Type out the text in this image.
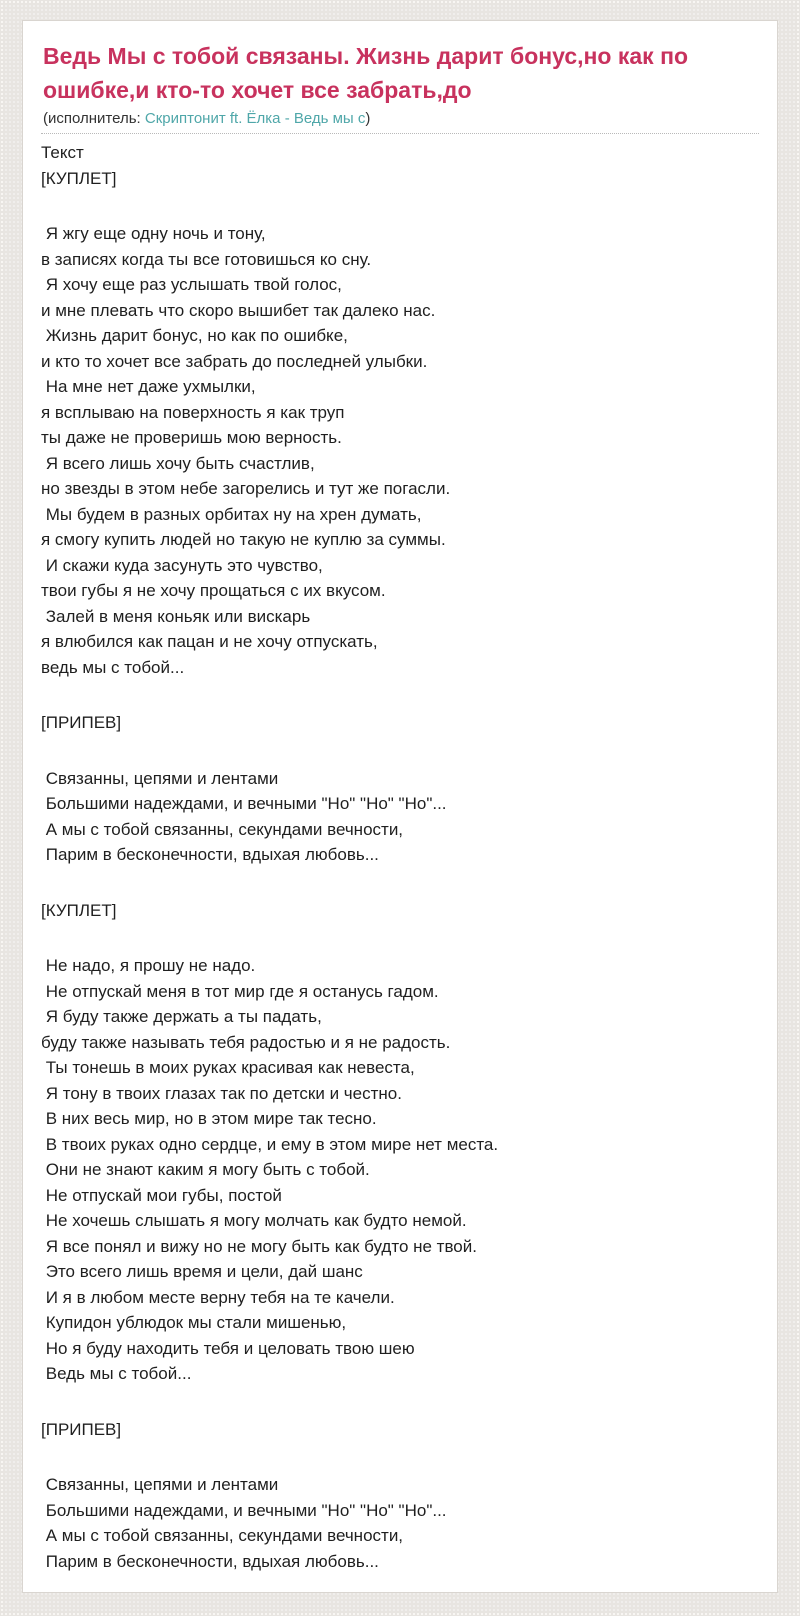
Ведь Мы с тобой связаны. Жизнь дарит бонус,но как по ошибке,и кто-то хочет все забрать,до
(исполнитель: Скриптонит ft. Ёлка - Ведь мы с)
Текст
[КУПЛЕТ]
Я жгу еще одну ночь и тону,
в записях когда ты все готовишься ко сну.
Я хочу еще раз услышать твой голос,
и мне плевать что скоро вышибет так далеко нас.
Жизнь дарит бонус, но как по ошибке,
и кто то хочет все забрать до последней улыбки.
На мне нет даже ухмылки,
я всплываю на поверхность я как труп
ты даже не проверишь мою верность.
Я всего лишь хочу быть счастлив,
но звезды в этом небе загорелись и тут же погасли.
Мы будем в разных орбитах ну на хрен думать,
я смогу купить людей но такую не куплю за суммы.
И скажи куда засунуть это чувство,
твои губы я не хочу прощаться с их вкусом.
Залей в меня коньяк или вискарь
я влюбился как пацан и не хочу отпускать,
ведь мы с тобой...
[ПРИПЕВ]
Связанны, цепями и лентами
Большими надеждами, и вечными "Но" "Но" "Но"...
А мы с тобой связанны, секундами вечности,
Парим в бесконечности, вдыхая любовь...
[КУПЛЕТ]
Не надо, я прошу не надо.
Не отпускай меня в тот мир где я останусь гадом.
Я буду также держать а ты падать,
буду также называть тебя радостью и я не радость.
Ты тонешь в моих руках красивая как невеста,
Я тону в твоих глазах так по детски и честно.
В них весь мир, но в этом мире так тесно.
В твоих руках одно сердце, и ему в этом мире нет места.
Они не знают каким я могу быть с тобой.
Не отпускай мои губы, постой
Не хочешь слышать я могу молчать как будто немой.
Я все понял и вижу но не могу быть как будто не твой.
Это всего лишь время и цели, дай шанс
И я в любом месте верну тебя на те качели.
Купидон ублюдок мы стали мишенью,
Но я буду находить тебя и целовать твою шею
Ведь мы с тобой...
[ПРИПЕВ]
Связанны, цепями и лентами
Большими надеждами, и вечными "Но" "Но" "Но"...
А мы с тобой связанны, секундами вечности,
Парим в бесконечности, вдыхая любовь...
